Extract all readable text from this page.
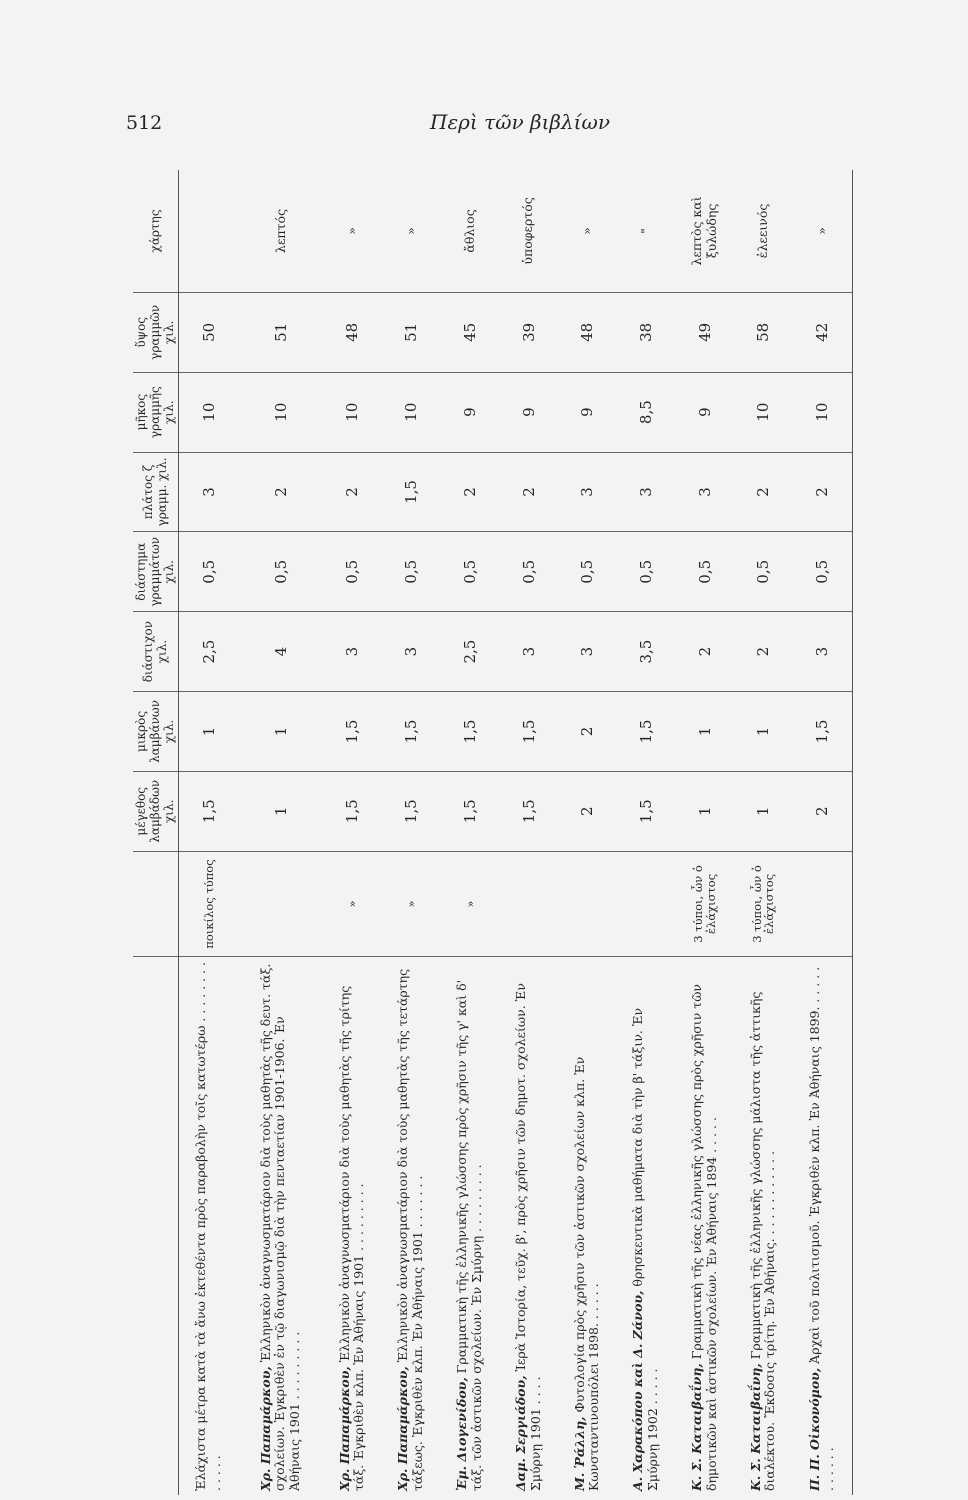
512	Περὶ τῶν βιβλίων
		μέγεθος λαμβάδων χιλ.	μικρὸς λαμβάνων χιλ.	διάστιχον χιλ.	διάστημα γραμμάτων χιλ.	πλάτος ζ γραμμ. χιλ.	μῆκος γραμμῆς χιλ.	ὕψος γραμμῶν χιλ.	χάρτης
Ἐλάχιστα μέτρα κατὰ τὰ ἄνω ἐκτεθέντα πρὸς παραβολὴν τοῖς κατωτέρω . . . . . . . . . . . . .	ποικίλος τύπος	1,5	1	2,5	0,5	3	10	50	
Χρ. Παπαμάρκου, Ἑλληνικὸν ἀναγνωσματάριον διὰ τοὺς μαθητὰς τῆς δευτ. τάξ. σχολείων. Ἐγκριθὲν ἐν τῷ διαγωνισμῷ διὰ τὴν πενταετίαν 1901-1906. Ἐν Ἀθήναις 1901 . . . . . . . . .		1	1	4	0,5	2	10	51	λεπτός
Χρ. Παπαμάρκου, Ἑλληνικὸν ἀναγνωσματάριον διὰ τοὺς μαθητὰς τῆς τρίτης τάξ. Ἐγκριθὲν κλπ. Ἐν Ἀθήναις 1901 . . . . . . . . .	»	1,5	1,5	3	0,5	2	10	48	»
Χρ. Παπαμάρκου, Ἑλληνικὸν ἀναγνωσματάριον διὰ τοὺς μαθητὰς τῆς τετάρτης τάξεως. Ἐγκριθὲν κλπ. Ἐν Ἀθήναις 1901 . . . . . . .	»	1,5	1,5	3	0,5	1,5	10	51	»
Ἐμ. Διογενίδου, Γραμματικὴ τῆς ἑλληνικῆς γλώσσης πρὸς χρῆσιν τῆς γ' καὶ δ' τάξ. τῶν ἀστικῶν σχολείων. Ἐν Σμύρνῃ . . . . . . . . .	»	1,5	1,5	2,5	0,5	2	9	45	ἄθλιος
Δαμ. Σεργιάδου, Ἱερὰ Ἱστορία, τεῦχ. β', πρὸς χρῆσιν τῶν δημοτ. σχολείων. Ἐν Σμύρνῃ 1901 . . . .		1,5	1,5	3	0,5	2	9	39	ὑποφερτός
Μ. Ῥάλλη, Φυτολογία πρὸς χρῆσιν τῶν ἀστικῶν σχολείων κλπ. Ἐν Κωνσταντινουπόλει 1898. . . . . .		2	2	3	0,5	3	9	48	»
Α. Χαρακόπου καὶ Δ. Ζάνου, θρησκευτικὰ μαθήματα διὰ τὴν β' τάξιν. Ἐν Σμύρνῃ 1902 . . . . .		1,5	1,5	3,5	0,5	3	8,5	38	"
Κ. Σ. Καταιβαΐνη, Γραμματικὴ τῆς νέας ἑλληνικῆς γλώσσης πρὸς χρῆσιν τῶν δημοτικῶν καὶ ἀστικῶν σχολείων. Ἐν Ἀθήναις 1894 . . . . .	3 τύποι, ὧν ὁ ἐλάχιστος	1	1	2	0,5	3	9	49	λεπτὸς καὶ ξυλώδης
Κ. Σ. Καταιβαΐνη, Γραμματικὴ τῆς ἑλληνικῆς γλώσσης μάλιστα τῆς ἀττικῆς διαλέκτου. Ἔκδοσις τρίτη. Ἐν Ἀθήναις. . . . . . . . . . . .	3 τύποι, ὧν ὁ ἐλάχιστος	1	1	2	0,5	2	10	58	ἐλεεινός
Π. Π. Οἰκονόμου, Ἀρχαὶ τοῦ πολιτισμοῦ. Ἐγκριθὲν κλπ. Ἐν Ἀθήναις 1899. . . . . . . . . . . .		2	1,5	3	0,5	2	10	42	»
